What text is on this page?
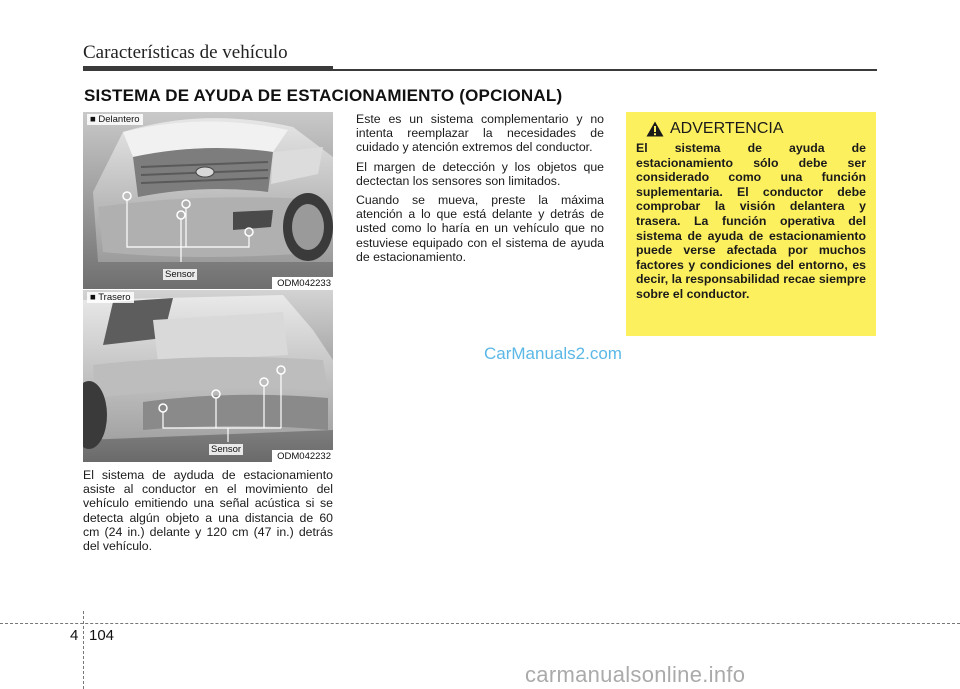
Características de vehículo
SISTEMA DE AYUDA DE ESTACIONAMIENTO (OPCIONAL)
■ Delantero
Sensor
ODM042233
■ Trasero
Sensor
ODM042232

El sistema de ayduda de estacionamiento asiste al conductor en el movimiento del vehículo emitiendo una señal acústica si se detecta algún objeto a una distancia de 60 cm (24 in.) delante y 120 cm (47 in.) detrás del vehículo.

Este es un sistema complementario y no intenta reemplazar la necesidades de cuidado y atención extremos del conductor.

El margen de detección y los objetos que dectectan los sensores son limitados.

Cuando se mueva, preste la máxima atención a lo que está delante y detrás de usted como lo haría en un vehículo que no estuviese equipado con el sistema de ayuda de estacionamiento.

ADVERTENCIA
El sistema de ayuda de estacionamiento sólo debe ser considerado como una función suplementaria. El conductor debe comprobar la visión delantera y trasera. La función operativa del sistema de ayuda de estacionamiento puede verse afectada por muchos factores y condiciones del entorno, es decir, la responsabilidad recae siempre sobre el conductor.
CarManuals2.com
4 104
carmanualsonline.info
